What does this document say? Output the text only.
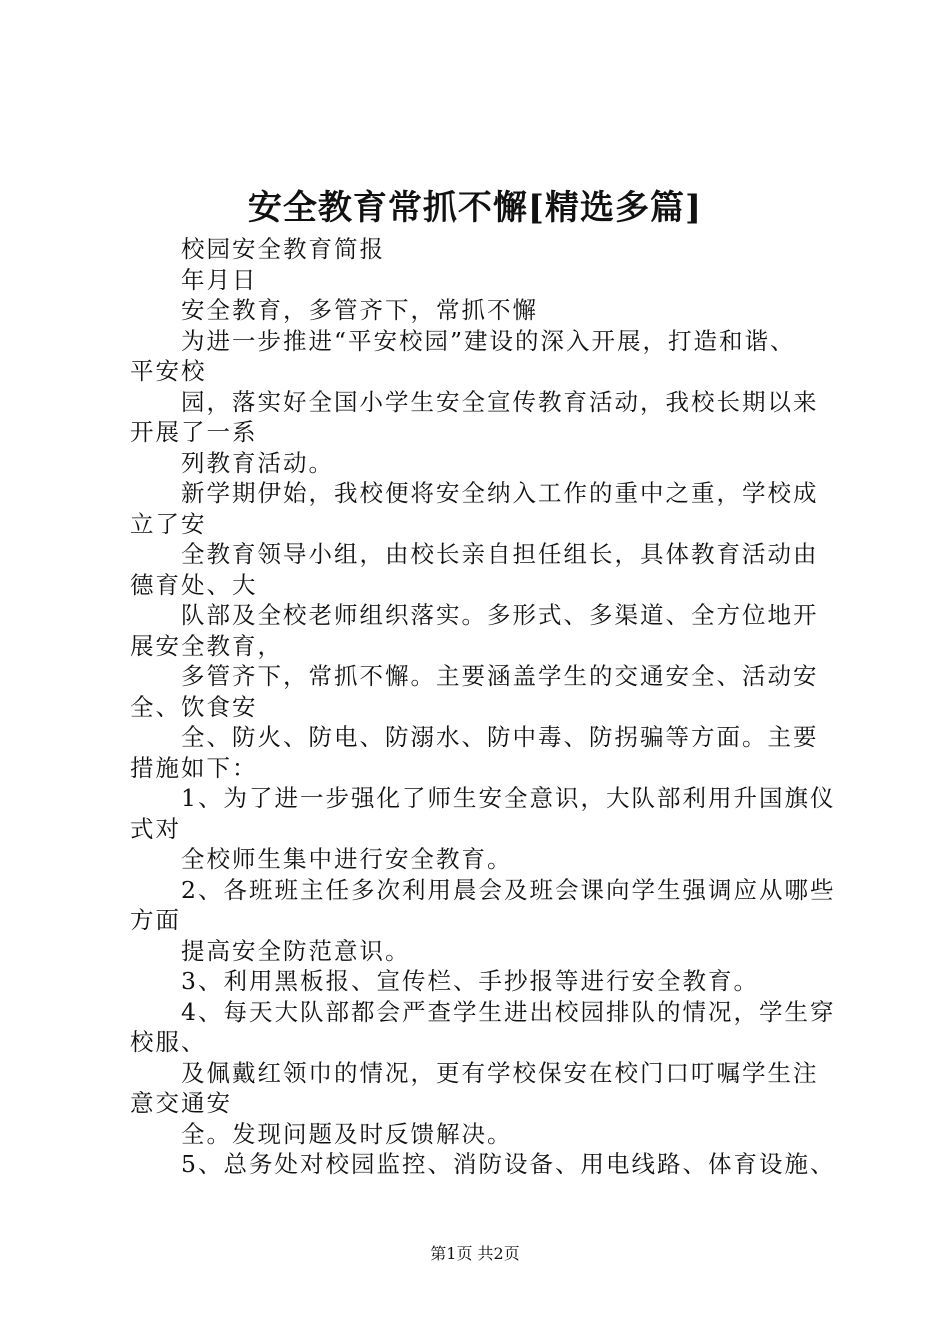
安全教育常抓不懈[精选多篇]
　　校园安全教育简报
　　年月日
　　安全教育，多管齐下，常抓不懈
　　为进一步推进“平安校园”建设的深入开展，打造和谐、
平安校
　　园，落实好全国小学生安全宣传教育活动，我校长期以来
开展了一系
　　列教育活动。
　　新学期伊始，我校便将安全纳入工作的重中之重，学校成
立了安
　　全教育领导小组，由校长亲自担任组长，具体教育活动由
德育处、大
　　队部及全校老师组织落实。多形式、多渠道、全方位地开
展安全教育，
　　多管齐下，常抓不懈。主要涵盖学生的交通安全、活动安
全、饮食安
　　全、防火、防电、防溺水、防中毒、防拐骗等方面。主要
措施如下：
　　1、为了进一步强化了师生安全意识，大队部利用升国旗仪
式对
　　全校师生集中进行安全教育。
　　2、各班班主任多次利用晨会及班会课向学生强调应从哪些
方面
　　提高安全防范意识。
　　3、利用黑板报、宣传栏、手抄报等进行安全教育。
　　4、每天大队部都会严查学生进出校园排队的情况，学生穿
校服、
　　及佩戴红领巾的情况，更有学校保安在校门口叮嘱学生注
意交通安
　　全。发现问题及时反馈解决。
　　5、总务处对校园监控、消防设备、用电线路、体育设施、
第1页 共2页
